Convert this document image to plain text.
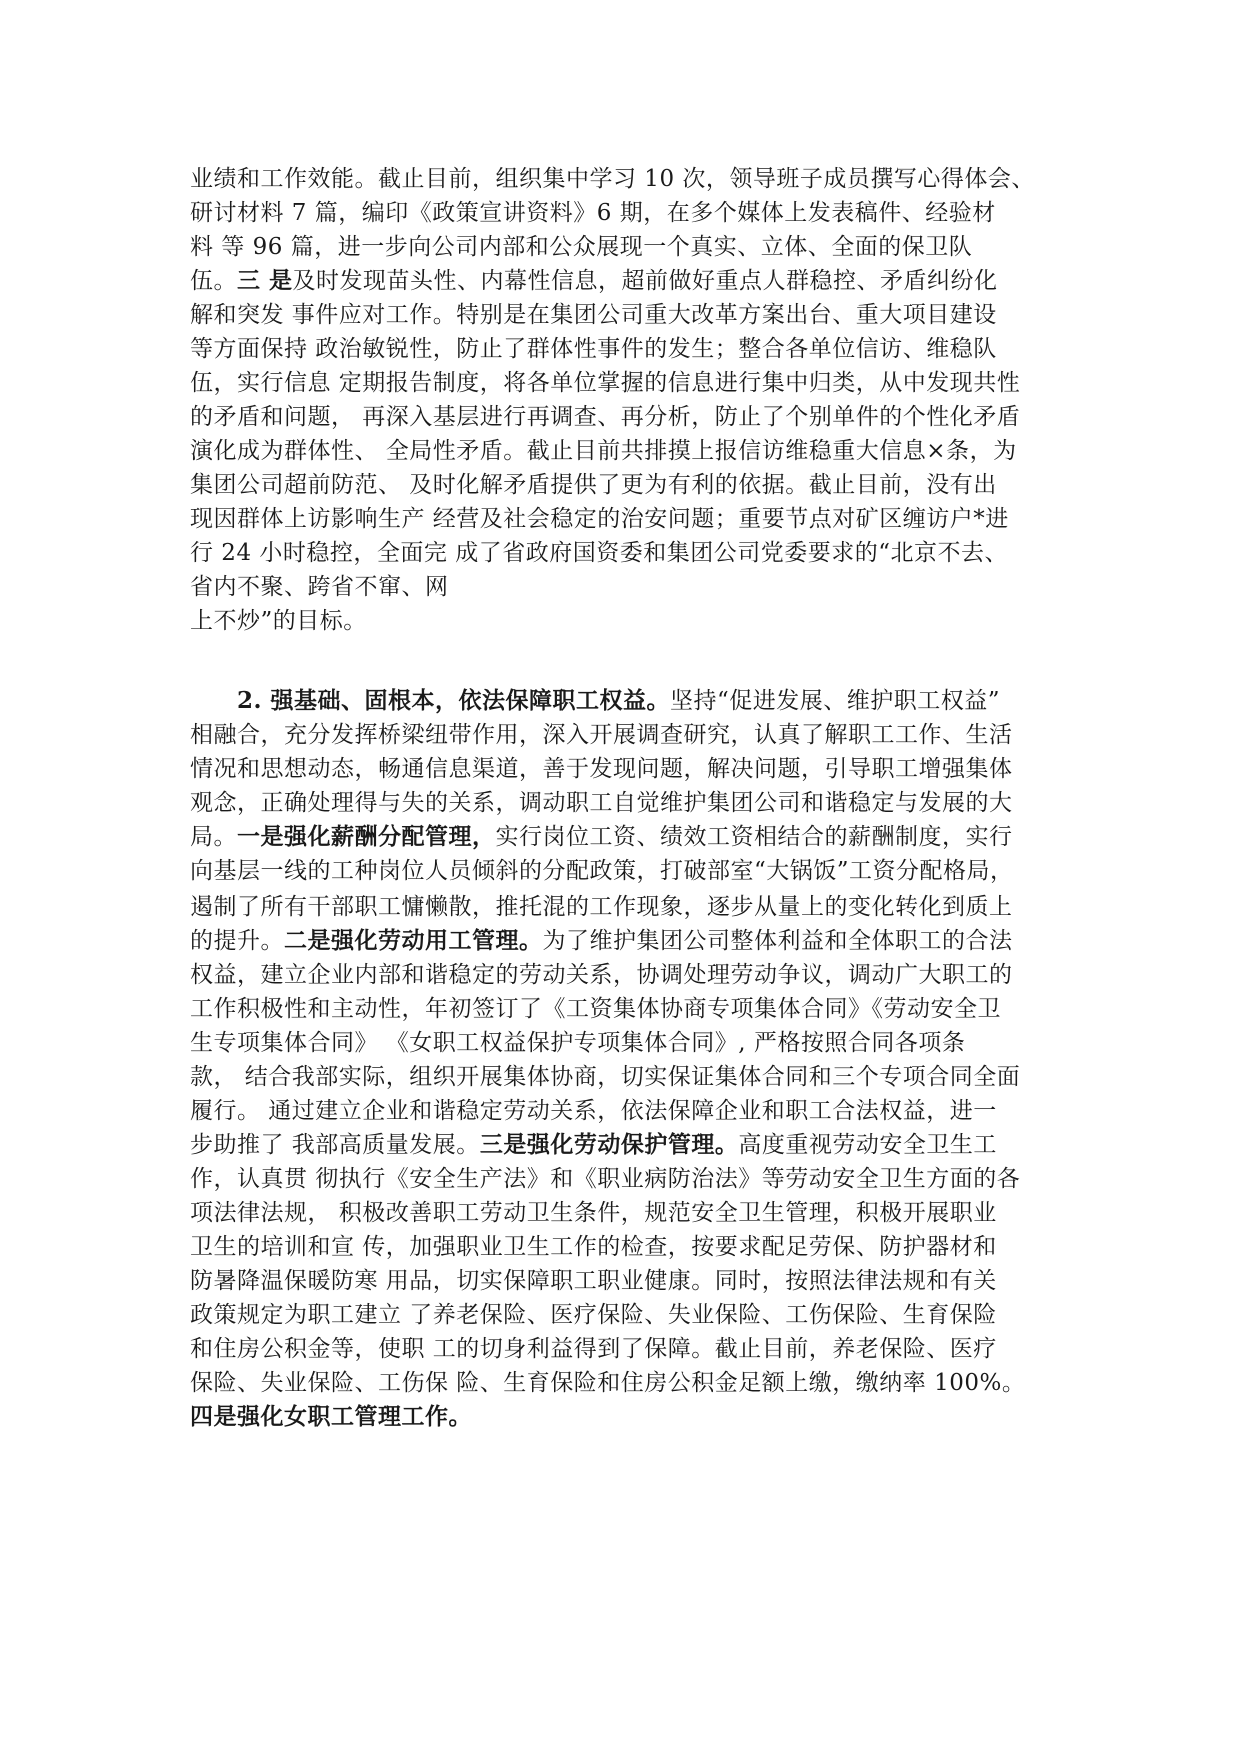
业绩和工作效能。截止目前，组织集中学习 10 次，领导班子成员撰写心得体会、
研讨材料 7 篇，编印《政策宣讲资料》6 期，在多个媒体上发表稿件、经验材
料 等 96 篇，进一步向公司内部和公众展现一个真实、立体、全面的保卫队
伍。三 是及时发现苗头性、内幕性信息，超前做好重点人群稳控、矛盾纠纷化
解和突发 事件应对工作。特别是在集团公司重大改革方案出台、重大项目建设
等方面保持 政治敏锐性，防止了群体性事件的发生；整合各单位信访、维稳队
伍，实行信息 定期报告制度，将各单位掌握的信息进行集中归类，从中发现共性
的矛盾和问题， 再深入基层进行再调查、再分析，防止了个别单件的个性化矛盾
演化成为群体性、 全局性矛盾。截止目前共排摸上报信访维稳重大信息×条，为
集团公司超前防范、 及时化解矛盾提供了更为有利的依据。截止目前，没有出
现因群体上访影响生产 经营及社会稳定的治安问题；重要节点对矿区缠访户*进
行 24 小时稳控，全面完 成了省政府国资委和集团公司党委要求的“北京不去、
省内不聚、跨省不窜、网
上不炒”的目标。
　　2. 强基础、固根本，依法保障职工权益。坚持“促进发展、维护职工权益”
相融合，充分发挥桥梁纽带作用，深入开展调查研究，认真了解职工工作、生活
情况和思想动态，畅通信息渠道，善于发现问题，解决问题，引导职工增强集体
观念，正确处理得与失的关系，调动职工自觉维护集团公司和谐稳定与发展的大
局。一是强化薪酬分配管理，实行岗位工资、绩效工资相结合的薪酬制度，实行
向基层一线的工种岗位人员倾斜的分配政策，打破部室“大锅饭”工资分配格局，
遏制了所有干部职工慵懒散，推托混的工作现象，逐步从量上的变化转化到质上
的提升。二是强化劳动用工管理。为了维护集团公司整体利益和全体职工的合法
权益，建立企业内部和谐稳定的劳动关系，协调处理劳动争议，调动广大职工的
工作积极性和主动性，年初签订了《工资集体协商专项集体合同》《劳动安全卫
生专项集体合同》 《女职工权益保护专项集体合同》, 严格按照合同各项条
款， 结合我部实际，组织开展集体协商，切实保证集体合同和三个专项合同全面
履行。 通过建立企业和谐稳定劳动关系，依法保障企业和职工合法权益，进一
步助推了 我部高质量发展。三是强化劳动保护管理。高度重视劳动安全卫生工
作，认真贯 彻执行《安全生产法》和《职业病防治法》等劳动安全卫生方面的各
项法律法规， 积极改善职工劳动卫生条件，规范安全卫生管理，积极开展职业
卫生的培训和宣 传，加强职业卫生工作的检查，按要求配足劳保、防护器材和
防暑降温保暖防寒 用品，切实保障职工职业健康。同时，按照法律法规和有关
政策规定为职工建立 了养老保险、医疗保险、失业保险、工伤保险、生育保险
和住房公积金等，使职 工的切身利益得到了保障。截止目前，养老保险、医疗
保险、失业保险、工伤保 险、生育保险和住房公积金足额上缴，缴纳率 100%。
四是强化女职工管理工作。
